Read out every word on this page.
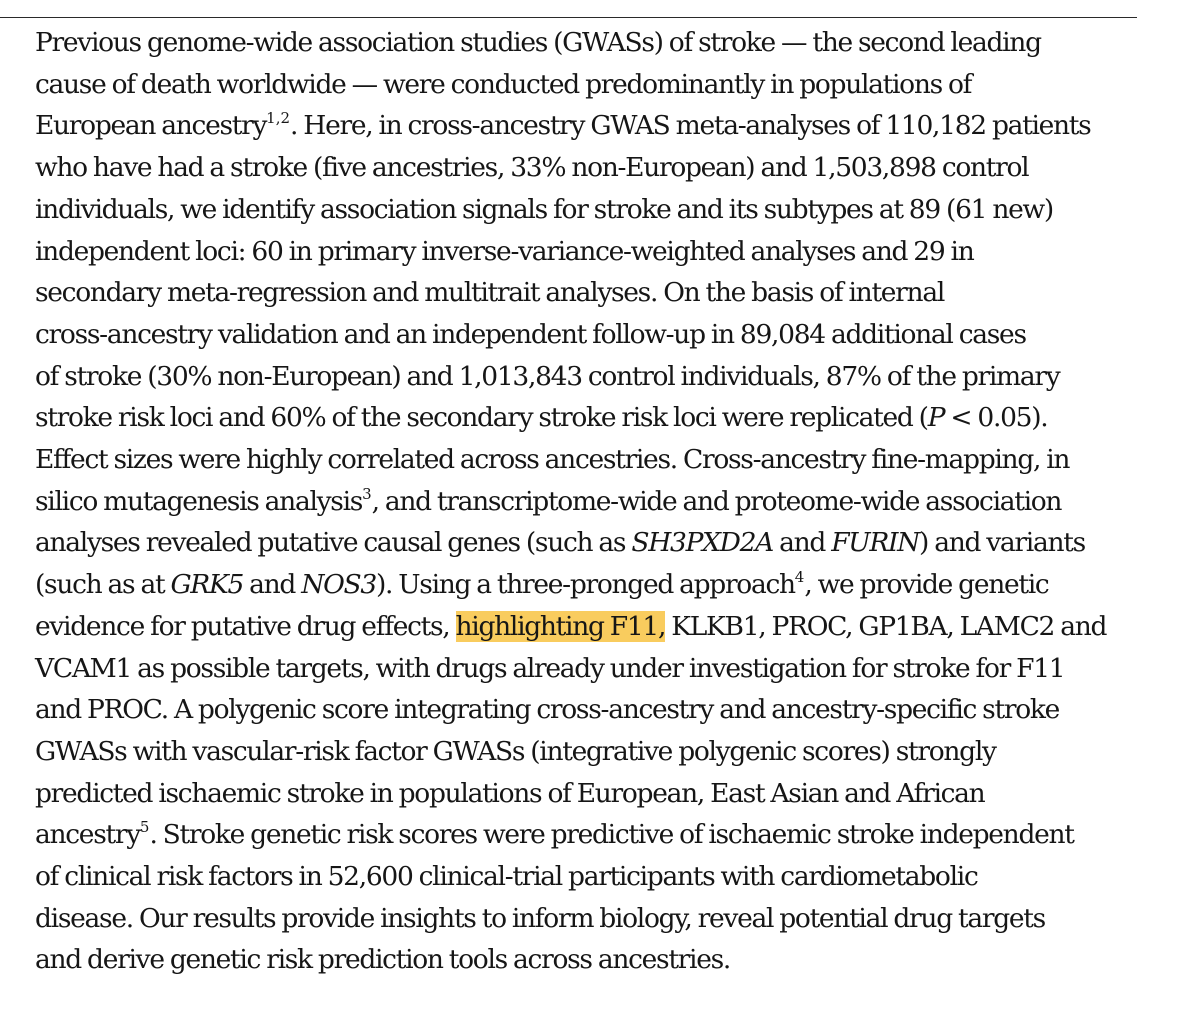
Previous genome-wide association studies (GWASs) of stroke — the second leading
cause of death worldwide — were conducted predominantly in populations of
European ancestry$^{1,2}$. Here, in cross-ancestry GWAS meta-analyses of 110,182 patients
who have had a stroke (five ancestries, 33% non-European) and 1,503,898 control
individuals, we identify association signals for stroke and its subtypes at 89 (61 new)
independent loci: 60 in primary inverse-variance-weighted analyses and 29 in
secondary meta-regression and multitrait analyses. On the basis of internal
cross-ancestry validation and an independent follow-up in 89,084 additional cases
of stroke (30% non-European) and 1,013,843 control individuals, 87% of the primary
stroke risk loci and 60% of the secondary stroke risk loci were replicated (P < 0.05).
Effect sizes were highly correlated across ancestries. Cross-ancestry fine-mapping, in
silico mutagenesis analysis$^3$, and transcriptome-wide and proteome-wide association
analyses revealed putative causal genes (such as SH3PXD2A and FURIN) and variants
(such as at GRK5 and NOS3). Using a three-pronged approach$^4$, we provide genetic
evidence for putative drug effects, highlighting F11, KLKB1, PROC, GP1BA, LAMC2 and
VCAM1 as possible targets, with drugs already under investigation for stroke for F11
and PROC. A polygenic score integrating cross-ancestry and ancestry-specific stroke
GWASs with vascular-risk factor GWASs (integrative polygenic scores) strongly
predicted ischaemic stroke in populations of European, East Asian and African
ancestry$^5$. Stroke genetic risk scores were predictive of ischaemic stroke independent
of clinical risk factors in 52,600 clinical-trial participants with cardiometabolic
disease. Our results provide insights to inform biology, reveal potential drug targets
and derive genetic risk prediction tools across ancestries.
